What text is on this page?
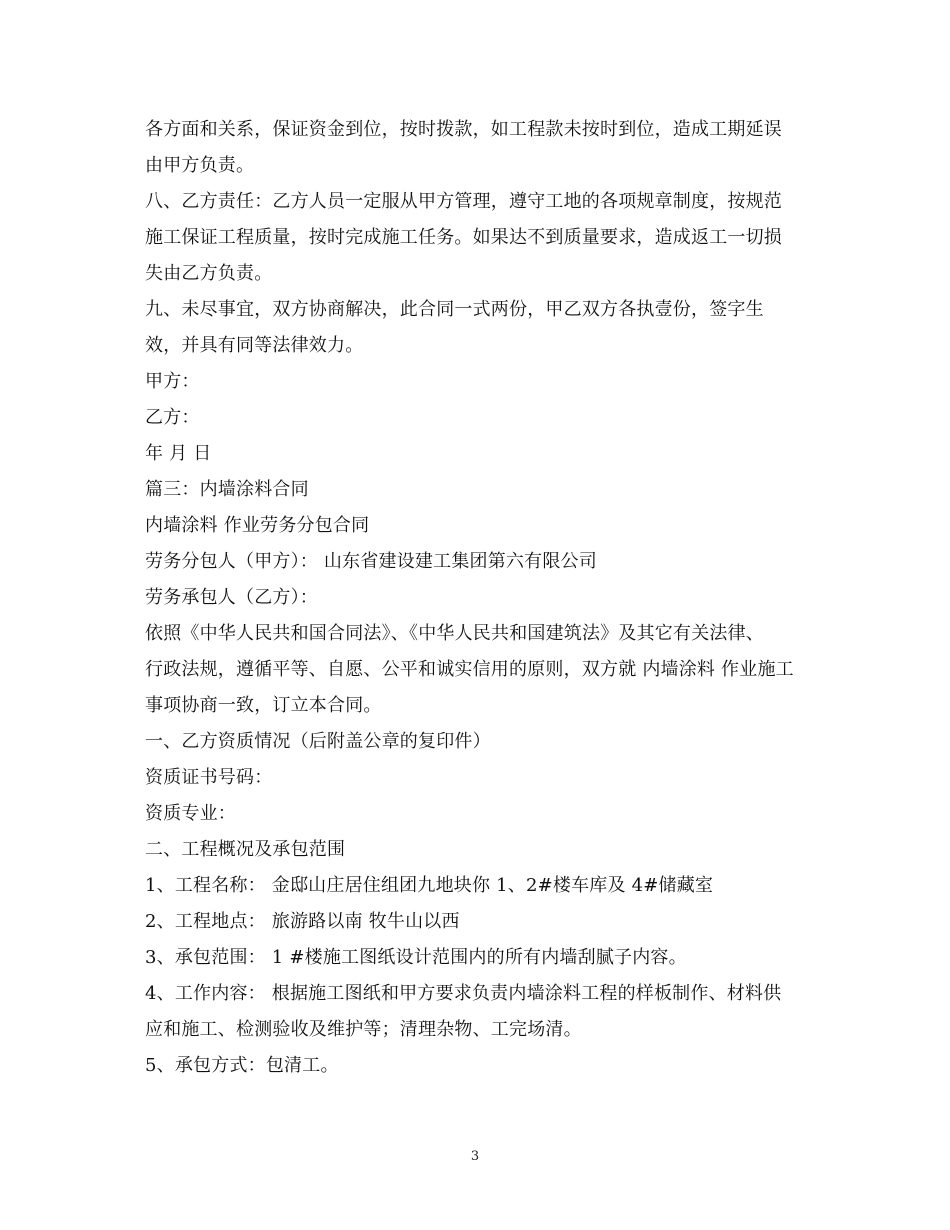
各方面和关系，保证资金到位，按时拨款，如工程款未按时到位，造成工期延误
由甲方负责。
八、乙方责任：乙方人员一定服从甲方管理，遵守工地的各项规章制度，按规范
施工保证工程质量，按时完成施工任务。如果达不到质量要求，造成返工一切损
失由乙方负责。
九、未尽事宜，双方协商解决，此合同一式两份，甲乙双方各执壹份，签字生
效，并具有同等法律效力。
甲方：
乙方：
年 月 日
篇三：内墙涂料合同
内墙涂料 作业劳务分包合同
劳务分包人（甲方）： 山东省建设建工集团第六有限公司
劳务承包人（乙方）：
依照《中华人民共和国合同法》、《中华人民共和国建筑法》及其它有关法律、
行政法规，遵循平等、自愿、公平和诚实信用的原则，双方就 内墙涂料 作业施工
事项协商一致，订立本合同。
一、乙方资质情况（后附盖公章的复印件）
资质证书号码：
资质专业：
二、工程概况及承包范围
1、工程名称： 金邸山庄居住组团九地块你 1、2#楼车库及 4#储藏室
2、工程地点： 旅游路以南 牧牛山以西
3、承包范围： 1 #楼施工图纸设计范围内的所有内墙刮腻子内容。
4、工作内容： 根据施工图纸和甲方要求负责内墙涂料工程的样板制作、材料供
应和施工、检测验收及维护等；清理杂物、工完场清。
5、承包方式：包清工。
3
